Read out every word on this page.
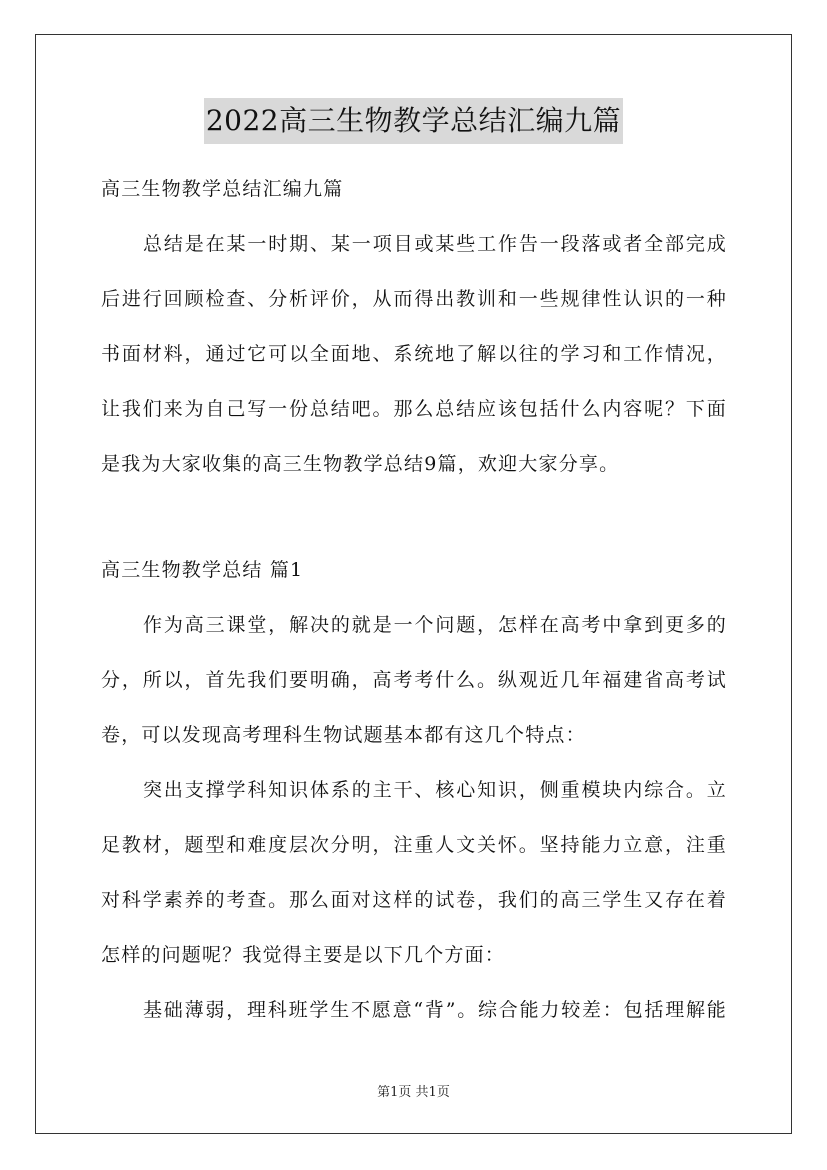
2022高三生物教学总结汇编九篇
高三生物教学总结汇编九篇
总结是在某一时期、某一项目或某些工作告一段落或者全部完成
后进行回顾检查、分析评价，从而得出教训和一些规律性认识的一种
书面材料，通过它可以全面地、系统地了解以往的学习和工作情况，
让我们来为自己写一份总结吧。那么总结应该包括什么内容呢？下面
是我为大家收集的高三生物教学总结9篇，欢迎大家分享。
高三生物教学总结 篇1
作为高三课堂，解决的就是一个问题，怎样在高考中拿到更多的
分，所以，首先我们要明确，高考考什么。纵观近几年福建省高考试
卷，可以发现高考理科生物试题基本都有这几个特点：
突出支撑学科知识体系的主干、核心知识，侧重模块内综合。立
足教材，题型和难度层次分明，注重人文关怀。坚持能力立意，注重
对科学素养的考查。那么面对这样的试卷，我们的高三学生又存在着
怎样的问题呢？我觉得主要是以下几个方面：
基础薄弱，理科班学生不愿意“背”。综合能力较差：包括理解能
第1页 共1页
